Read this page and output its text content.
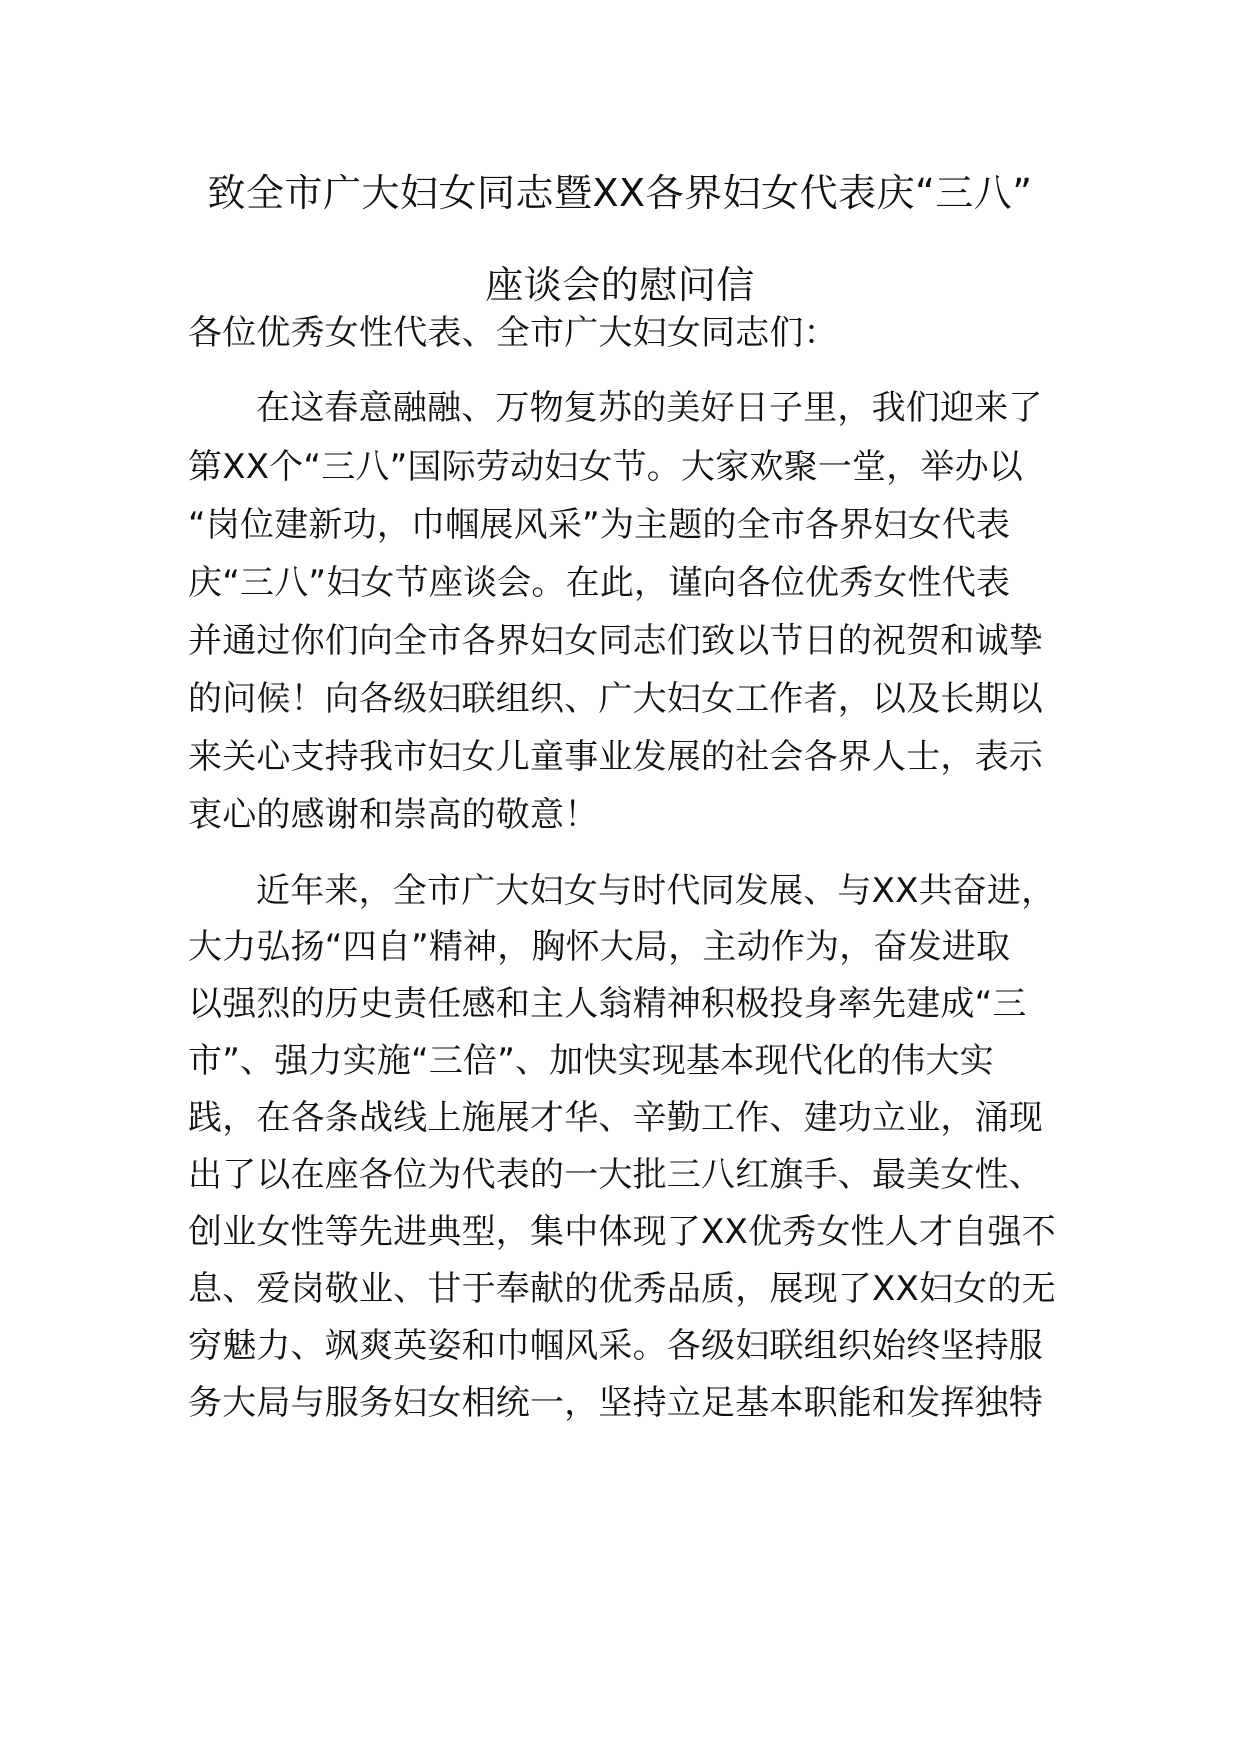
致全市广大妇女同志暨XX各界妇女代表庆“三八”
座谈会的慰问信
各位优秀女性代表、全市广大妇女同志们：
在这春意融融、万物复苏的美好日子里，我们迎来了
第XX个“三八”国际劳动妇女节。大家欢聚一堂，举办以
“岗位建新功，巾帼展风采”为主题的全市各界妇女代表
庆“三八”妇女节座谈会。在此，谨向各位优秀女性代表
并通过你们向全市各界妇女同志们致以节日的祝贺和诚挚
的问候！向各级妇联组织、广大妇女工作者，以及长期以
来关心支持我市妇女儿童事业发展的社会各界人士，表示
衷心的感谢和崇高的敬意！
近年来，全市广大妇女与时代同发展、与XX共奋进，
大力弘扬“四自”精神，胸怀大局，主动作为，奋发进取
以强烈的历史责任感和主人翁精神积极投身率先建成“三
市”、强力实施“三倍”、加快实现基本现代化的伟大实
践，在各条战线上施展才华、辛勤工作、建功立业，涌现
出了以在座各位为代表的一大批三八红旗手、最美女性、
创业女性等先进典型，集中体现了XX优秀女性人才自强不
息、爱岗敬业、甘于奉献的优秀品质，展现了XX妇女的无
穷魅力、飒爽英姿和巾帼风采。各级妇联组织始终坚持服
务大局与服务妇女相统一，坚持立足基本职能和发挥独特
